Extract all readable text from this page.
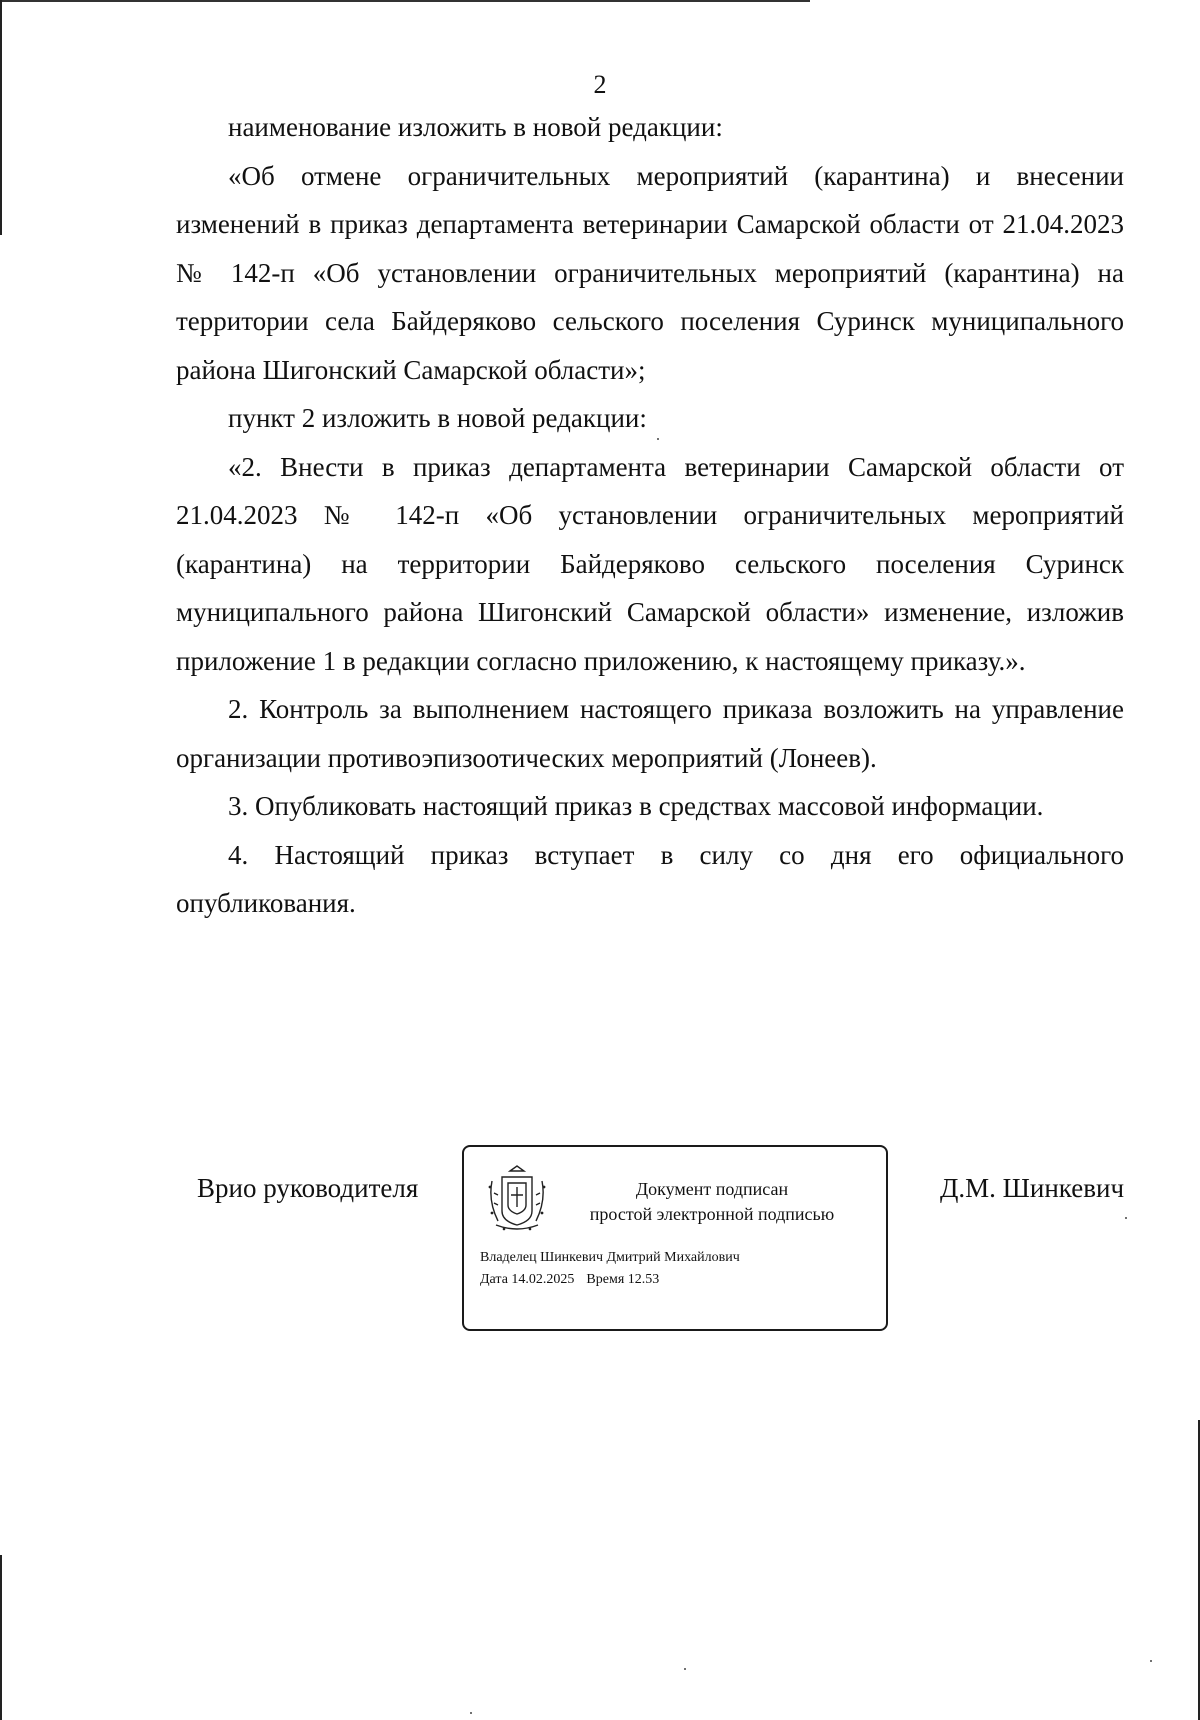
2

наименование изложить в новой редакции:

«Об отмене ограничительных мероприятий (карантина) и внесении изменений в приказ департамента ветеринарии Самарской области от 21.04.2023 № 142-п «Об установлении ограничительных мероприятий (карантина) на территории села Байдеряково сельского поселения Суринск муниципального района Шигонский Самарской области»;

пункт 2 изложить в новой редакции:

«2. Внести в приказ департамента ветеринарии Самарской области от 21.04.2023 № 142-п «Об установлении ограничительных мероприятий (карантина) на территории Байдеряково сельского поселения Суринск муниципального района Шигонский Самарской области» изменение, изложив приложение 1 в редакции согласно приложению, к настоящему приказу.».

2. Контроль за выполнением настоящего приказа возложить на управление организации противоэпизоотических мероприятий (Лонеев).

3. Опубликовать настоящий приказ в средствах массовой информации.

4. Настоящий приказ вступает в силу со дня его официального опубликования.

Врио руководителя	Документ подписан
простой электронной подписью
Владелец Шинкевич Дмитрий Михайлович
Дата 14.02.2025 Время 12.53
Д.М. Шинкевич
